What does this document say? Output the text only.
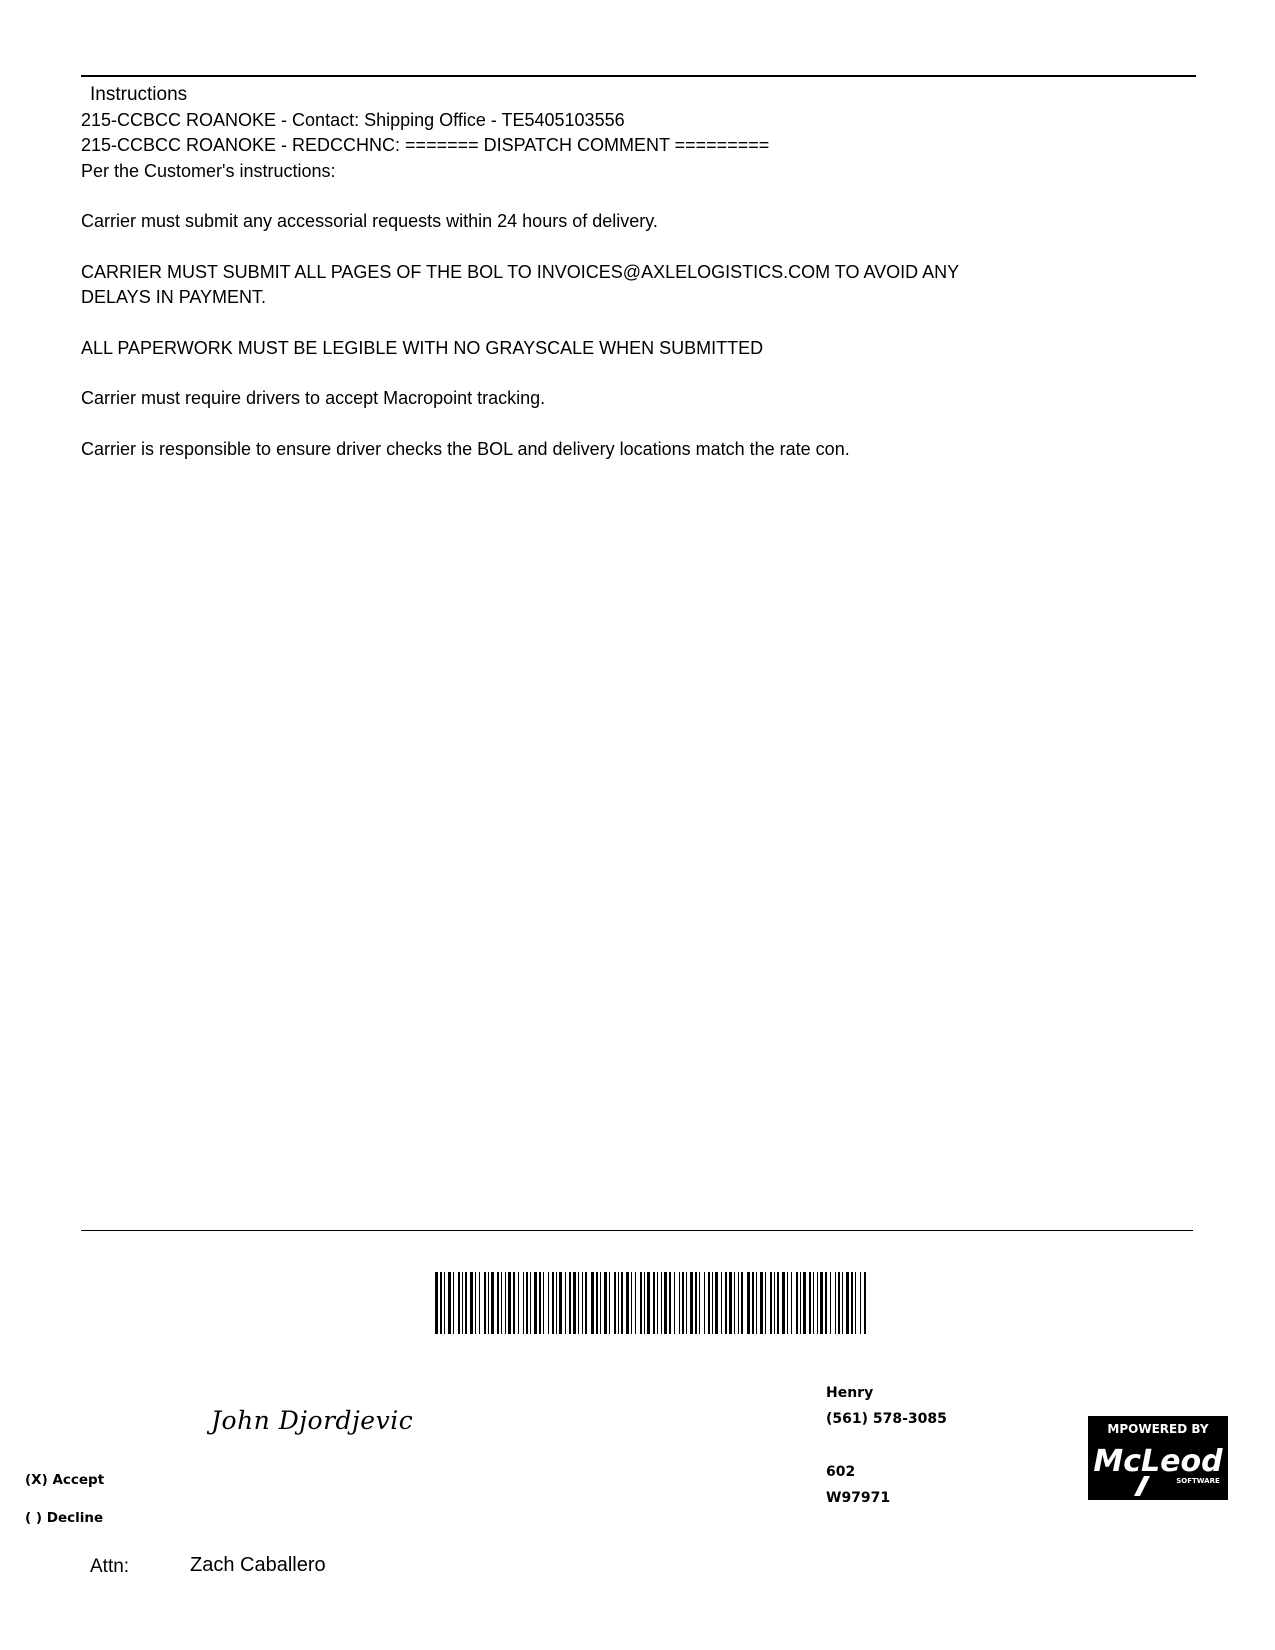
Instructions
215-CCBCC ROANOKE - Contact: Shipping Office - TE5405103556
215-CCBCC ROANOKE - REDCCHNC: ======= DISPATCH COMMENT =========
Per the Customer's instructions:
Carrier must submit any accessorial requests within 24 hours of delivery.
CARRIER MUST SUBMIT ALL PAGES OF THE BOL TO INVOICES@AXLELOGISTICS.COM TO AVOID ANY
DELAYS IN PAYMENT.
ALL PAPERWORK MUST BE LEGIBLE WITH NO GRAYSCALE WHEN SUBMITTED
Carrier must require drivers to accept Macropoint tracking.
Carrier is responsible to ensure driver checks the BOL and delivery locations match the rate con.
John Djordjevic
(X) Accept
( ) Decline
Henry
(561) 578-3085
602
W97971
MPOWERED BY
McLeod
SOFTWARE
Attn:	Zach Caballero
